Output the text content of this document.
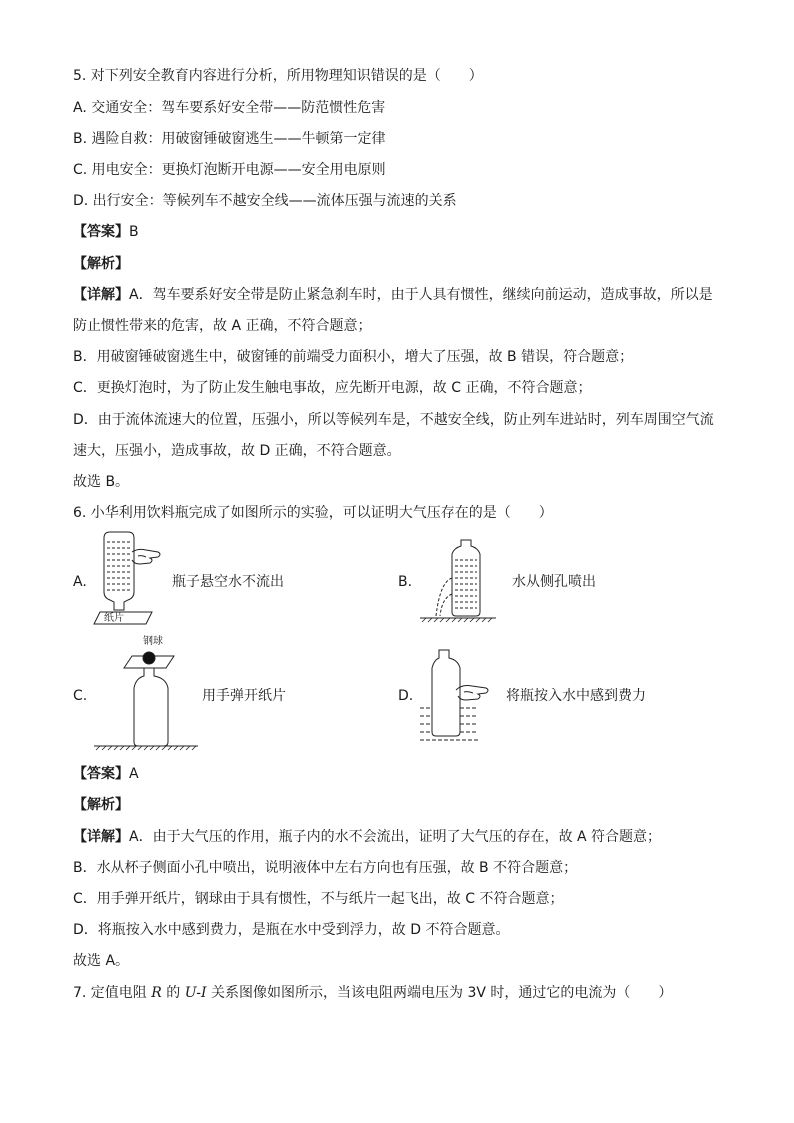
5. 对下列安全教育内容进行分析，所用物理知识错误的是（　　）
A. 交通安全：驾车要系好安全带——防范惯性危害
B. 遇险自救：用破窗锤破窗逃生——牛顿第一定律
C. 用电安全：更换灯泡断开电源——安全用电原则
D. 出行安全：等候列车不越安全线——流体压强与流速的关系
【答案】B
【解析】
【详解】A．驾车要系好安全带是防止紧急刹车时，由于人具有惯性，继续向前运动，造成事故，所以是
防止惯性带来的危害，故 A 正确，不符合题意；
B．用破窗锤破窗逃生中，破窗锤的前端受力面积小，增大了压强，故 B 错误，符合题意；
C．更换灯泡时，为了防止发生触电事故，应先断开电源，故 C 正确，不符合题意；
D．由于流体流速大的位置，压强小，所以等候列车是，不越安全线，防止列车进站时，列车周围空气流
速大，压强小，造成事故，故 D 正确，不符合题意。
故选 B。
6. 小华利用饮料瓶完成了如图所示的实验，可以证明大气压存在的是（　　）
A.
纸片
瓶子悬空水不流出	B.	水从侧孔喷出
C.
钢球
用手弹开纸片	D.	将瓶按入水中感到费力
【答案】A
【解析】
【详解】A．由于大气压的作用，瓶子内的水不会流出，证明了大气压的存在，故 A 符合题意；
B．水从杯子侧面小孔中喷出，说明液体中左右方向也有压强，故 B 不符合题意；
C．用手弹开纸片，钢球由于具有惯性，不与纸片一起飞出，故 C 不符合题意；
D．将瓶按入水中感到费力，是瓶在水中受到浮力，故 D 不符合题意。
故选 A。
7. 定值电阻 R 的 U-I 关系图像如图所示，当该电阻两端电压为 3V 时，通过它的电流为（　　）
